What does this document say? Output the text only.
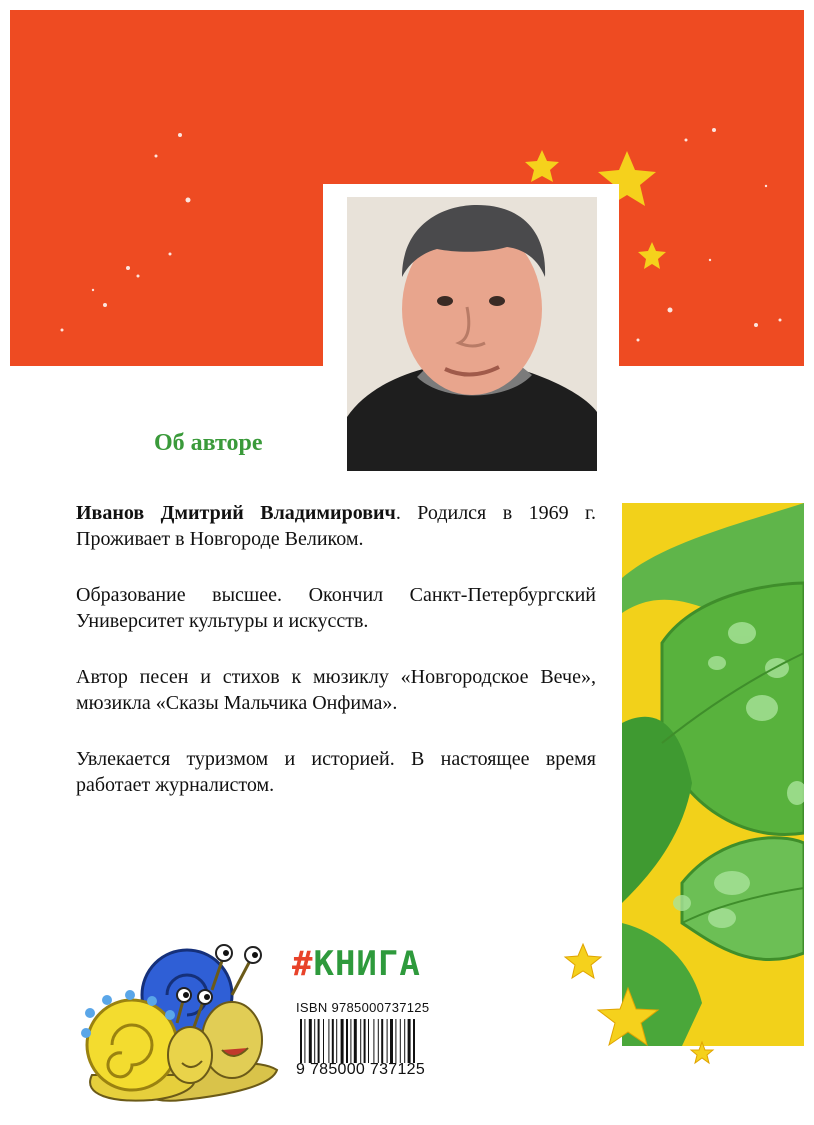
Об авторе

Иванов Дмитрий Владимирович. Родился в 1969 г. Проживает в Новгороде Великом.

Образование высшее. Окончил Санкт-Петербургский Университет культуры и искусств.

Автор песен и стихов к мюзиклу «Новгородское Вече», мюзикла «Сказы Мальчика Онфима».

Увлекается туризмом и историей. В настоящее время работает журналистом.

#КНИГА
ISBN 9785000737125
9 785000 737125
